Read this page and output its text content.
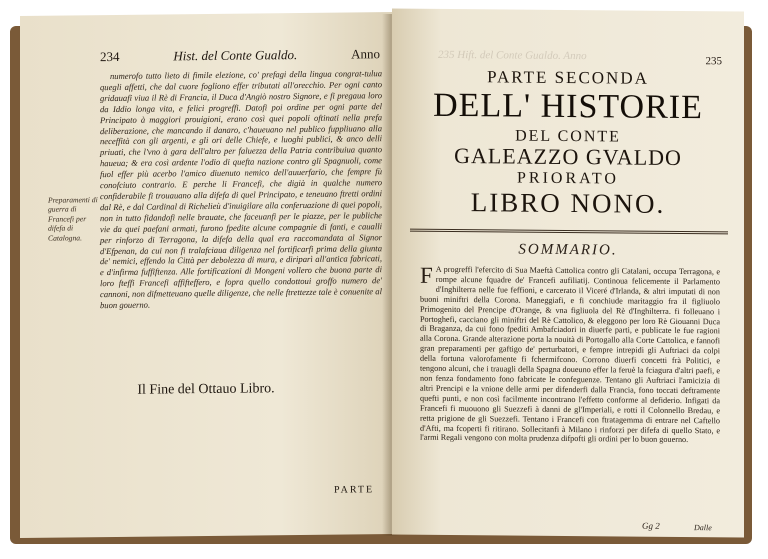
234	Hist. del Conte Gualdo.	Anno

numerofo tutto lieto di fimile elezione, co' prefagi della lingua congrat-tulua quegli affetti, che dal cuore fogliono effer tributati all'orecchio. Per ogni canto gridauafi viua il Rè di Francia, il Duca d'Angiò nostro Signore, e fi pregaua loro da Iddio longa vita, e felici progreffi. Datofi poi ordine per ogni parte del Principato à maggiori prouigioni, erano così quei popoli oftinati nella prefa deliberazione, che mancando il danaro, c'haueuano nel publico fuppliuano alla neceffità con gli argenti, e gli ori delle Chiefe, e luoghi publici, & anco delli priuati, che l'vno à gara dell'altro per faluezza della Patria contribuiua quanto haueua; & era così ardente l'odio di quefta nazione contro gli Spagnuoli, come fuol effer più acerbo l'amico diuenuto nemico dell'auuerfario, che fempre fù conofciuto contrario. E perche li Francefi, che digià in qualche numero confiderabile fi trouauano alla difefa di quel Principato, e teneuano ftretti ordini dal Rè, e dal Cardinal di Richelieù d'inuigilare alla conferuazione di quei popoli, non in tutto fidandofi nelle brauate, che faceuanfi per le piazze, per le publiche vie da quei paefani armati, furono fpedite alcune compagnie di fanti, e caualli per rinforzo di Terragona, la difefa della qual era raccomandata al Signor d'Efpenan, da cui non fi tralafciaua diligenza nel fortificarfi prima della giunta de' nemici, effendo la Città per debolezza di mura, e diriparì all'antica fabricati, e d'infirma fuffiftenza. Alle fortificazioni di Mongeni vollero che buona parte di loro fteffi Francefi affifteffero, e fopra quello condottoui groffo numero de' cannoni, non difmetteuano quelle diligenze, che nelle ftrettezze tale è conuenite al buon gouerno.

Preparamenti di guerra di Francefi per difefa di Catalogna.
Il Fine del Ottauo Libro.
PARTE
235 Hift. del Conte Gualdo. Anno	235
PARTE SECONDA
DELL' HISTORIE
DEL CONTE
GALEAZZO GVALDO
PRIORATO
LIBRO NONO.
SOMMARIO.
F A progreffi l'efercito di Sua Maeftà Cattolica contro gli Catalani, occupa Terragona, e rompe alcune fquadre de' Francefi aufiliatij. Continoua felicemente il Parlamento d'Inghilterra nelle fue feffioni, e carcerato il Viceré d'Irlanda, & altri imputati di non buoni miniftri della Corona. Maneggiafi, e fi conchiude maritaggio fra il figliuolo Primogenito del Prencipe d'Orange, & vna figliuola del Rè d'Inghilterra. fi folleuano i Portoghefi, cacciano gli miniftri del Rè Cattolico, & eleggono per loro Rè Giouanni Duca di Braganza, da cui fono fpediti Ambafciadori in diuerfe parti, e publicate le fue ragioni alla Corona. Grande alterazione porta la nouità di Portogallo alla Corte Cattolica, e fannofi gran preparamenti per gaftigo de' perturbatori, e fempre intrepidi gli Auftriaci da colpi della fortuna valorofamente fi fchermifcono. Corrono diuerfi concetti frà Politici, e tengono alcuni, che i trauagli della Spagna doueuno effer la feruè la fciagura d'altri paefi, e non fenza fondamento fono fabricate le confeguenze. Tentano gli Auftriaci l'amicizia di altri Prencipi e la vnione delle armi per difenderfi dalla Francia, fono toccati deftramente quefti punti, e non così facilmente incontrano l'effetto conforme al defiderio. Infigati da Francefi fi muouono gli Suezzefi à danni de gl'Imperiali, e rotti il Colonnello Bredau, e retta prigione de gli Suezzefi. Tentano i Francefi con ftratagemma di entrare nel Caftello d'Afti, ma fcoperti fi ritirano. Sollecitanfi à Milano i rinforzi per difefa di quello Stato, e l'armi Regali vengono con molta prudenza difpofti gli ordini per lo buon gouerno.
Gg 2	Dalle
